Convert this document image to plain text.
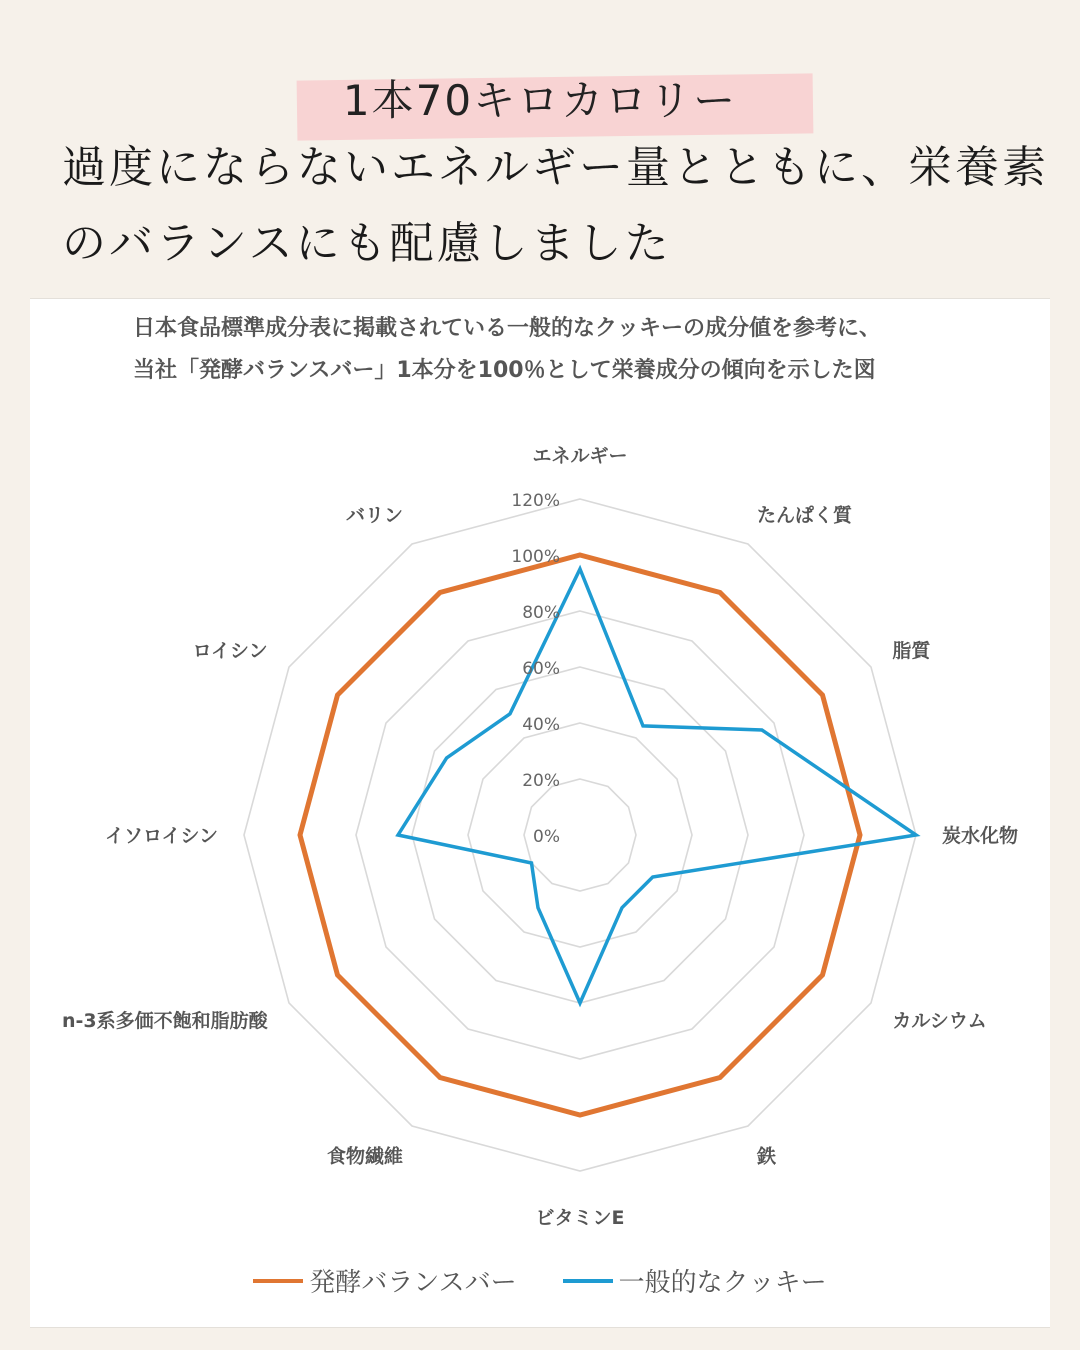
1本70キロカロリー
過度にならないエネルギー量とともに、栄養素のバランスにも配慮しました
日本食品標準成分表に掲載されている一般的なクッキーの成分値を参考に、
当社「発酵バランスバー」1本分を100％として栄養成分の傾向を示した図
0%
20%
40%
60%
80%
100%
120%
エネルギー
たんぱく質
脂質
炭水化物
カルシウム
鉄
ビタミンE
食物繊維
n-3系多価不飽和脂肪酸
イソロイシン
ロイシン
バリン
発酵バランスバー	一般的なクッキー
